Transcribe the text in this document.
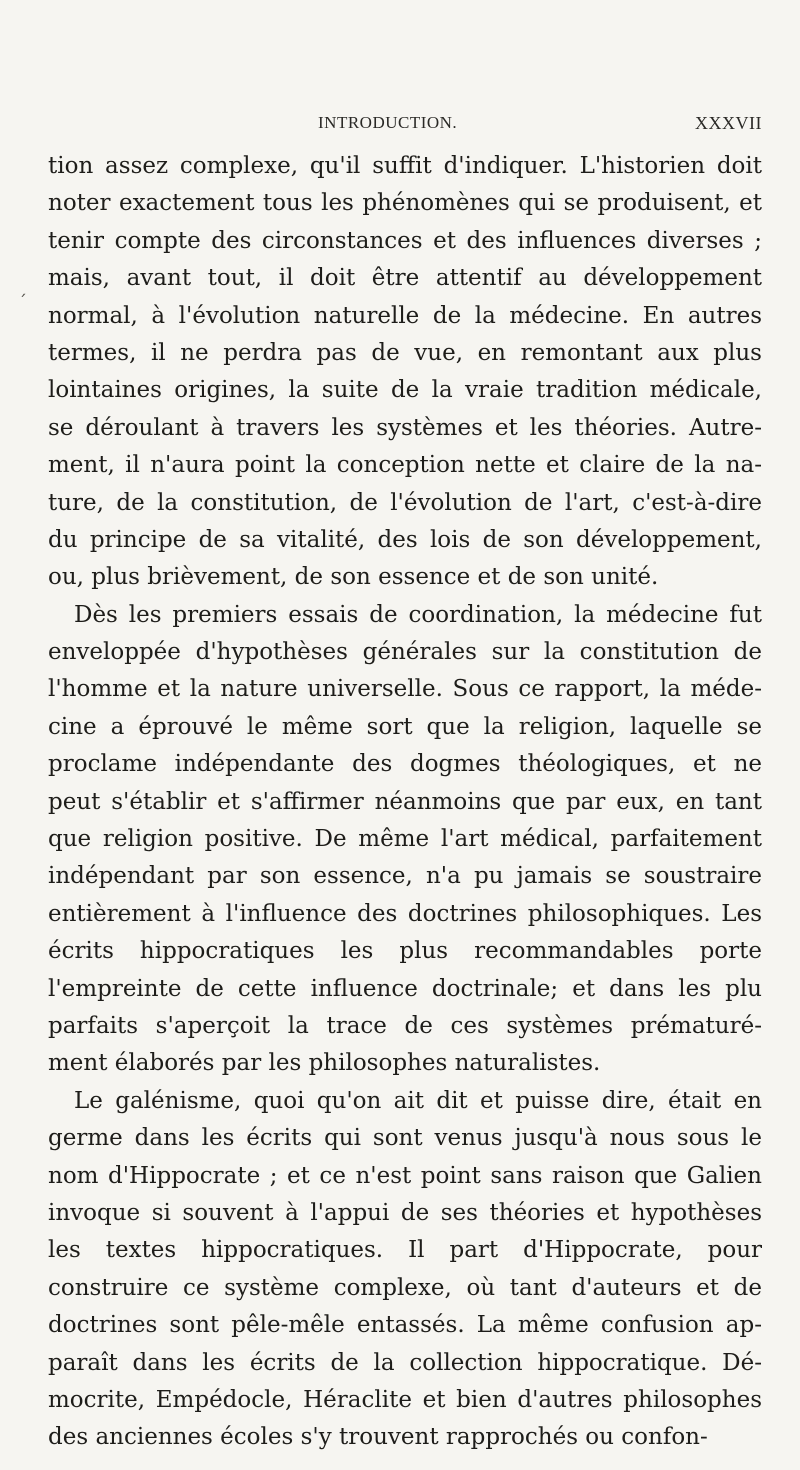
INTRODUCTION.	XXXVII
´
tion assez complexe, qu'il suffit d'indiquer. L'historien doit
noter exactement tous les phénomènes qui se produisent, et
tenir compte des circonstances et des influences diverses ;
mais, avant tout, il doit être attentif au développement
normal, à l'évolution naturelle de la médecine. En autres
termes, il ne perdra pas de vue, en remontant aux plus
lointaines origines, la suite de la vraie tradition médicale,
se déroulant à travers les systèmes et les théories. Autre-
ment, il n'aura point la conception nette et claire de la na-
ture, de la constitution, de l'évolution de l'art, c'est-à-dire
du principe de sa vitalité, des lois de son développement,
ou, plus brièvement, de son essence et de son unité.
Dès les premiers essais de coordination, la médecine fut
enveloppée d'hypothèses générales sur la constitution de
l'homme et la nature universelle. Sous ce rapport, la méde-
cine a éprouvé le même sort que la religion, laquelle se
proclame indépendante des dogmes théologiques, et ne
peut s'établir et s'affirmer néanmoins que par eux, en tant
que religion positive. De même l'art médical, parfaitement
indépendant par son essence, n'a pu jamais se soustraire
entièrement à l'influence des doctrines philosophiques. Les
écrits hippocratiques les plus recommandables porte
l'empreinte de cette influence doctrinale; et dans les plu
parfaits s'aperçoit la trace de ces systèmes prématuré-
ment élaborés par les philosophes naturalistes.
Le galénisme, quoi qu'on ait dit et puisse dire, était en
germe dans les écrits qui sont venus jusqu'à nous sous le
nom d'Hippocrate ; et ce n'est point sans raison que Galien
invoque si souvent à l'appui de ses théories et hypothèses
les textes hippocratiques. Il part d'Hippocrate, pour
construire ce système complexe, où tant d'auteurs et de
doctrines sont pêle-mêle entassés. La même confusion ap-
paraît dans les écrits de la collection hippocratique. Dé-
mocrite, Empédocle, Héraclite et bien d'autres philosophes
des anciennes écoles s'y trouvent rapprochés ou confon-
